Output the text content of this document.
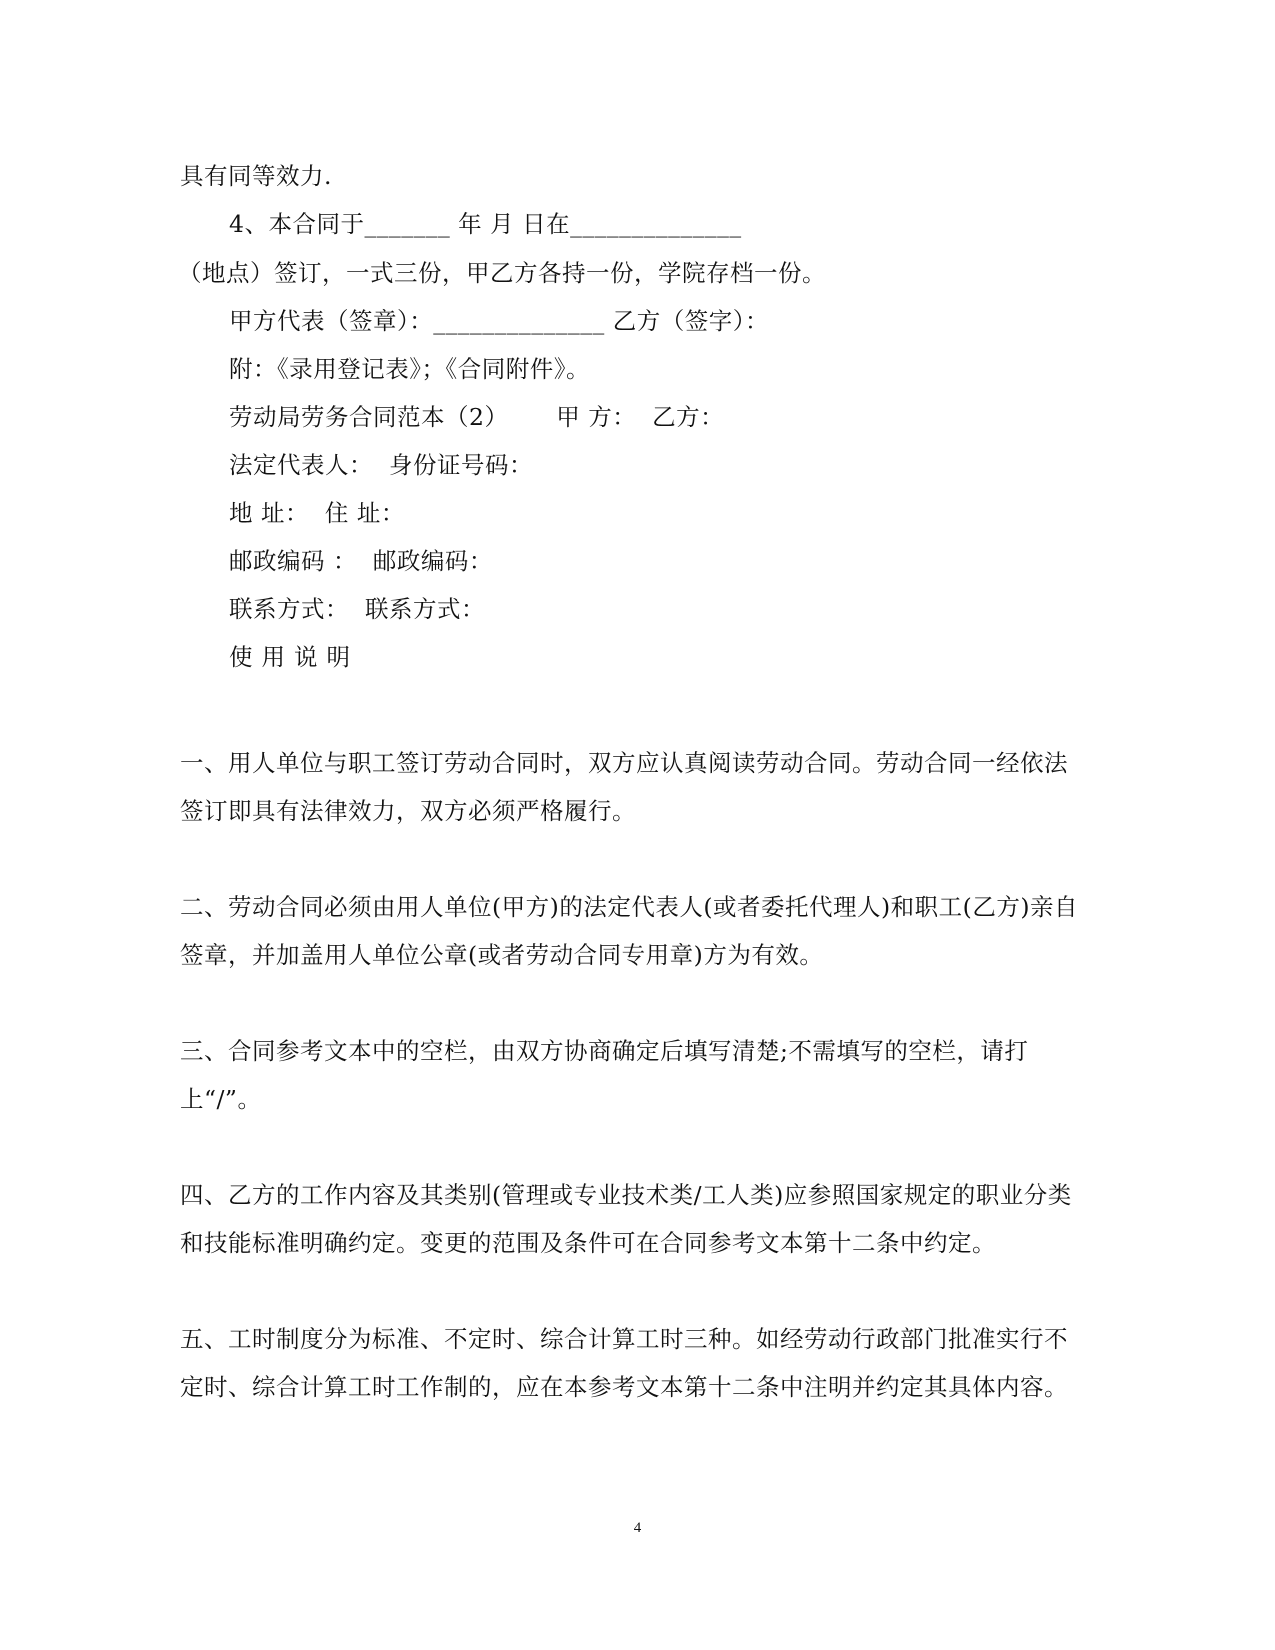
具有同等效力.
4、本合同于_______ 年 月 日在______________
（地点）签订，一式三份，甲乙方各持一份，学院存档一份。
甲方代表（签章）：______________ 乙方（签字）：
附：《录用登记表》；《合同附件》。
劳动局劳务合同范本（2）      甲 方：  乙方：
法定代表人：  身份证号码：
地 址：  住 址：
邮政编码 ：  邮政编码：
联系方式：  联系方式：
使用说明
一、用人单位与职工签订劳动合同时，双方应认真阅读劳动合同。劳动合同一经依法签订即具有法律效力，双方必须严格履行。
二、劳动合同必须由用人单位(甲方)的法定代表人(或者委托代理人)和职工(乙方)亲自签章，并加盖用人单位公章(或者劳动合同专用章)方为有效。
三、合同参考文本中的空栏，由双方协商确定后填写清楚;不需填写的空栏，请打上“/”。
四、乙方的工作内容及其类别(管理或专业技术类/工人类)应参照国家规定的职业分类和技能标准明确约定。变更的范围及条件可在合同参考文本第十二条中约定。
五、工时制度分为标准、不定时、综合计算工时三种。如经劳动行政部门批准实行不定时、综合计算工时工作制的，应在本参考文本第十二条中注明并约定其具体内容。
4
